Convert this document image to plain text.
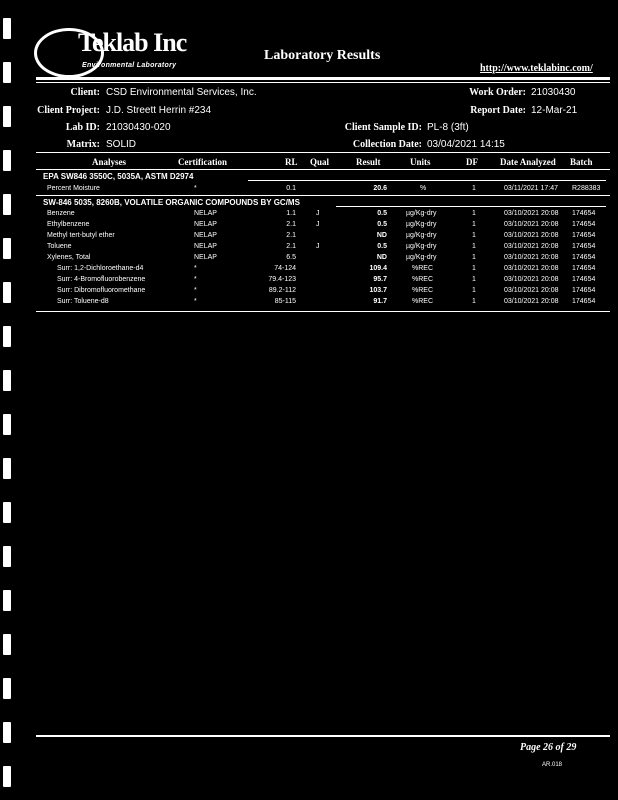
Teklab Inc
Environmental Laboratory
Laboratory Results
http://www.teklabinc.com/
Client: CSD Environmental Services, Inc.	Work Order: 21030430
Client Project: J.D. Streett Herrin #234	Report Date: 12-Mar-21
Lab ID: 21030430-020	Client Sample ID: PL-8 (3ft)
Matrix: SOLID	Collection Date: 03/04/2021 14:15
Analyses	Certification	RL Qual	Result	Units	DF Date Analyzed Batch
EPA SW846 3550C, 5035A, ASTM D2974
Percent Moisture	*	0.1	20.6	%	1	03/11/2021 17:47 R288383
SW-846 5035, 8260B, VOLATILE ORGANIC COMPOUNDS BY GC/MS
Benzene	NELAP	1.1	J	0.5	µg/Kg-dry	1	03/10/2021 20:08 174654
Ethylbenzene	NELAP	2.1	J	0.5	µg/Kg-dry	1	03/10/2021 20:08 174654
Methyl tert-butyl ether	NELAP	2.1	ND	µg/Kg-dry	1	03/10/2021 20:08 174654
Toluene	NELAP	2.1	J	0.5	µg/Kg-dry	1	03/10/2021 20:08 174654
Xylenes, Total	NELAP	6.5	ND	µg/Kg-dry	1	03/10/2021 20:08 174654
Surr: 1,2-Dichloroethane-d4	*	74-124	109.4	%REC	1	03/10/2021 20:08 174654
Surr: 4-Bromofluorobenzene	*	79.4-123	95.7	%REC	1	03/10/2021 20:08 174654
Surr: Dibromofluoromethane	*	89.2-112	103.7	%REC	1	03/10/2021 20:08 174654
Surr: Toluene-d8	*	85-115	91.7	%REC	1	03/10/2021 20:08 174654
Page 26 of 29
AR.018
